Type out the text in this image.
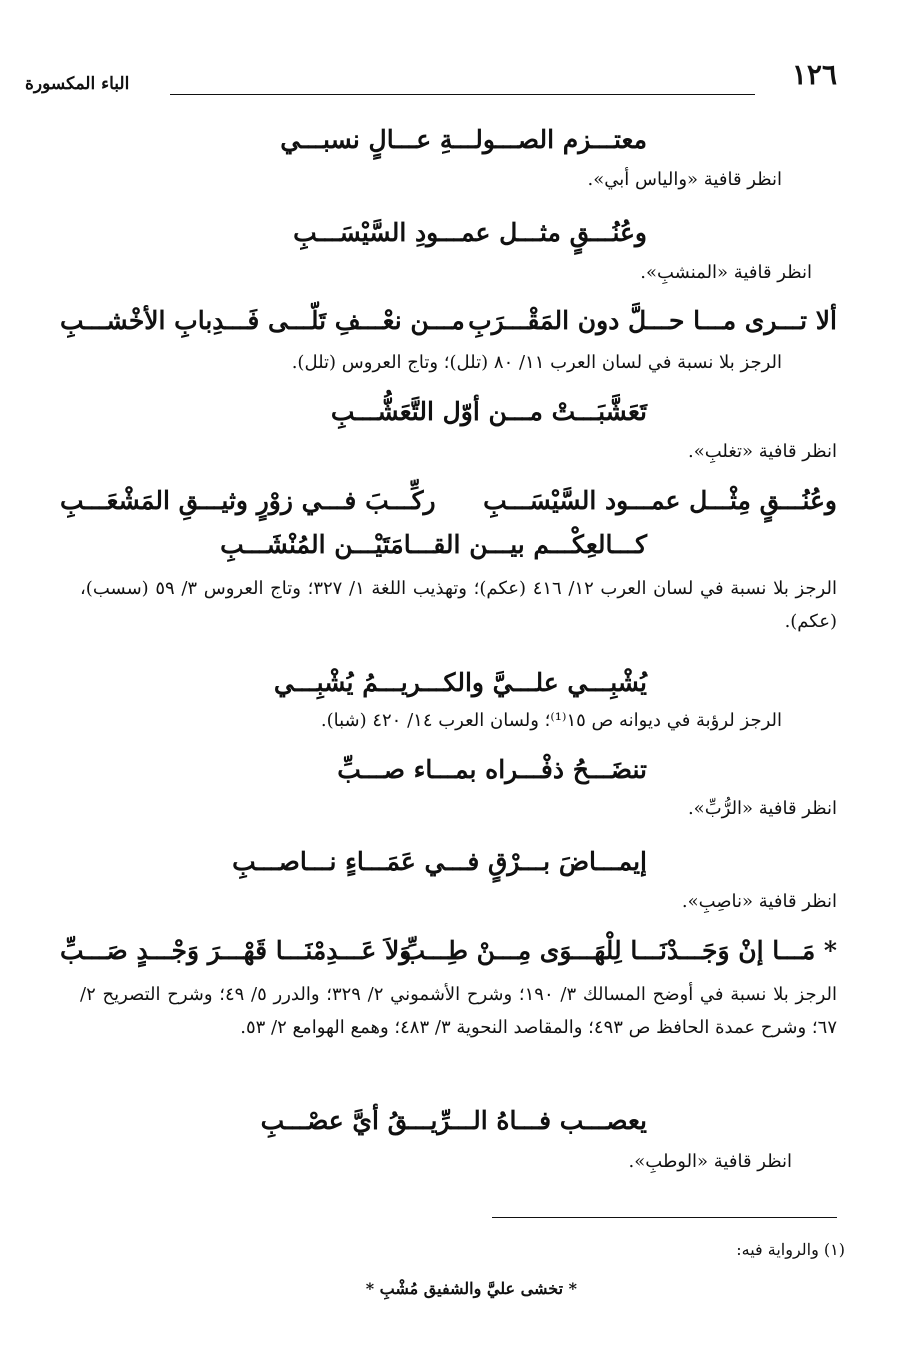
١٢٦
الباء المكسورة
معتـــزم الصـــولـــةِ عـــالٍ نسبـــي
انظر قافية «والياس أبي».
وعُنُـــقٍ مثـــل عمـــودِ السَّيْسَـــبِ
انظر قافية «المنشبِ».
ألا تـــرى مـــا حـــلَّ دون المَقْـــرَبِ
مـــن نعْـــفِ تَلّـــى فَـــدِبابِ الأخْشـــبِ
الرجز بلا نسبة في لسان العرب ١١/ ٨٠ (تلل)؛ وتاج العروس (تلل).
تَعَشَّبَـــتْ مـــن أوّل التَّعَشُّـــبِ
انظر قافية «تغلبِ».
وعُنُـــقٍ مِثْـــل عمـــود السَّيْسَـــبِ
ركِّـــبَ فـــي زوْرٍ وثيـــقِ المَشْعَـــبِ
كـــالعِكْـــم بيـــن القـــامَتَيْـــن المُنْشَـــبِ
الرجز بلا نسبة في لسان العرب ١٢/ ٤١٦ (عكم)؛ وتهذيب اللغة ١/ ٣٢٧؛ وتاج العروس ٣/ ٥٩ (سسب)، (عكم).
يُشْبِـــي علـــيَّ والكـــريـــمُ يُشْبِـــي
الرجز لرؤبة في ديوانه ص ١٥⁽¹⁾؛ ولسان العرب ١٤/ ٤٢٠ (شبا).
تنضَـــحُ ذفْـــراه بمـــاء صـــبِّ
انظر قافية «الرُّبِّ».
إيمـــاضَ بـــرْقٍ فـــي عَمَـــاءٍ نـــاصـــبِ
انظر قافية «ناصِبِ».
* مَـــا إنْ وَجَـــدْنَـــا لِلْهَـــوَى مِـــنْ طِـــبِّ
وَلاَ عَـــدِمْنَـــا قَهْـــرَ وَجْـــدٍ صَـــبِّ
الرجز بلا نسبة في أوضح المسالك ٣/ ١٩٠؛ وشرح الأشموني ٢/ ٣٢٩؛ والدرر ٥/ ٤٩؛ وشرح التصريح ٢/ ٦٧؛ وشرح عمدة الحافظ ص ٤٩٣؛ والمقاصد النحوية ٣/ ٤٨٣؛ وهمع الهوامع ٢/ ٥٣.
يعصـــب فـــاهُ الـــرِّيـــقُ أيَّ عصْـــبِ
انظر قافية «الوطبِ».
(١) والرواية فيه:
* تخشى عليَّ والشفيق مُشْبِ *
